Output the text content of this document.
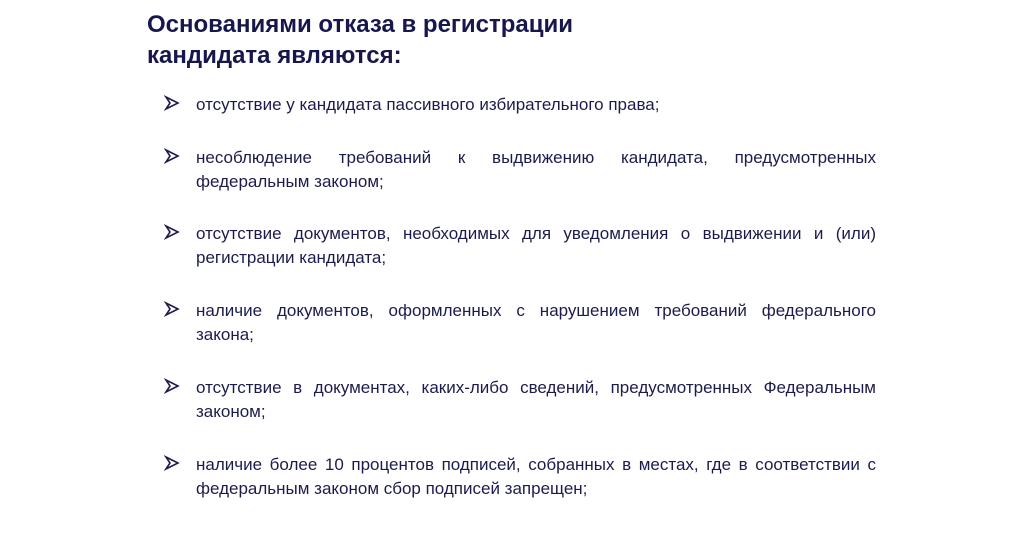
Основаниями отказа в регистрации
кандидата являются:

отсутствие у кандидата пассивного избирательного права;

несоблюдение требований к выдвижению кандидата, предусмотренных федеральным законом;

отсутствие документов, необходимых для уведомления о выдвижении и (или) регистрации кандидата;

наличие документов, оформленных с нарушением требований федерального закона;

отсутствие в документах, каких-либо сведений, предусмотренных Федеральным законом;

наличие более 10 процентов подписей, собранных в местах, где в соответствии с федеральным законом сбор подписей запрещен;
